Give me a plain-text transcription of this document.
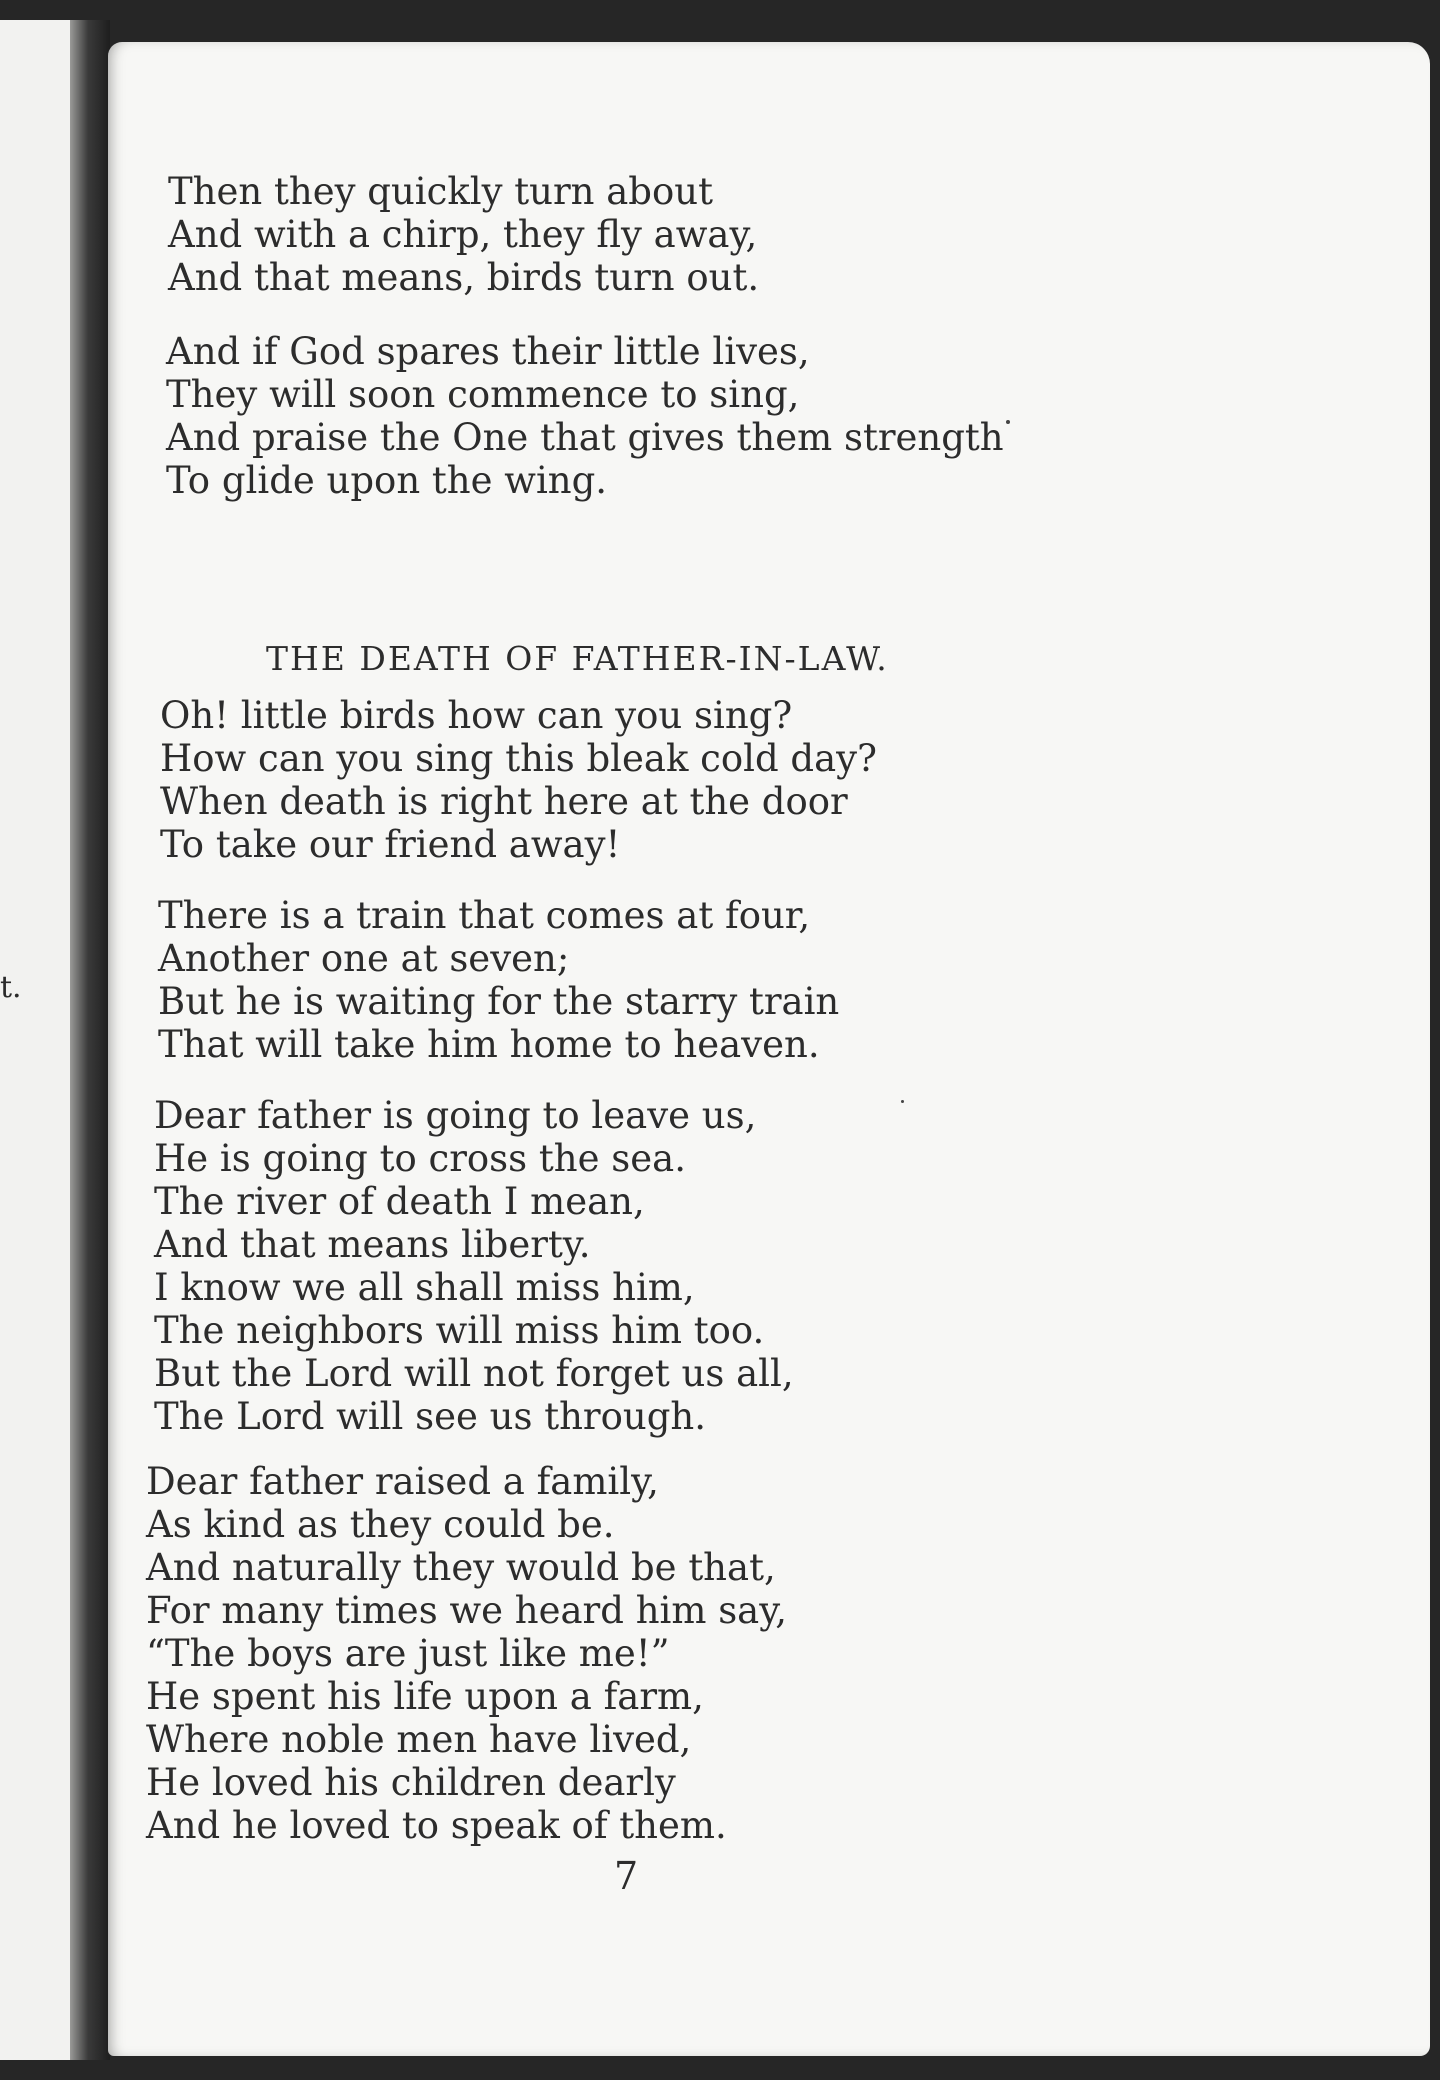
t.
Then they quickly turn about
And with a chirp, they fly away,
And that means, birds turn out.
And if God spares their little lives,
They will soon commence to sing,
And praise the One that gives them strength
To glide upon the wing.
THE DEATH OF FATHER-IN-LAW.
Oh! little birds how can you sing?
How can you sing this bleak cold day?
When death is right here at the door
To take our friend away!
There is a train that comes at four,
Another one at seven;
But he is waiting for the starry train
That will take him home to heaven.
Dear father is going to leave us,
He is going to cross the sea.
The river of death I mean,
And that means liberty.
I know we all shall miss him,
The neighbors will miss him too.
But the Lord will not forget us all,
The Lord will see us through.
Dear father raised a family,
As kind as they could be.
And naturally they would be that,
For many times we heard him say,
“The boys are just like me!”
He spent his life upon a farm,
Where noble men have lived,
He loved his children dearly
And he loved to speak of them.
7
